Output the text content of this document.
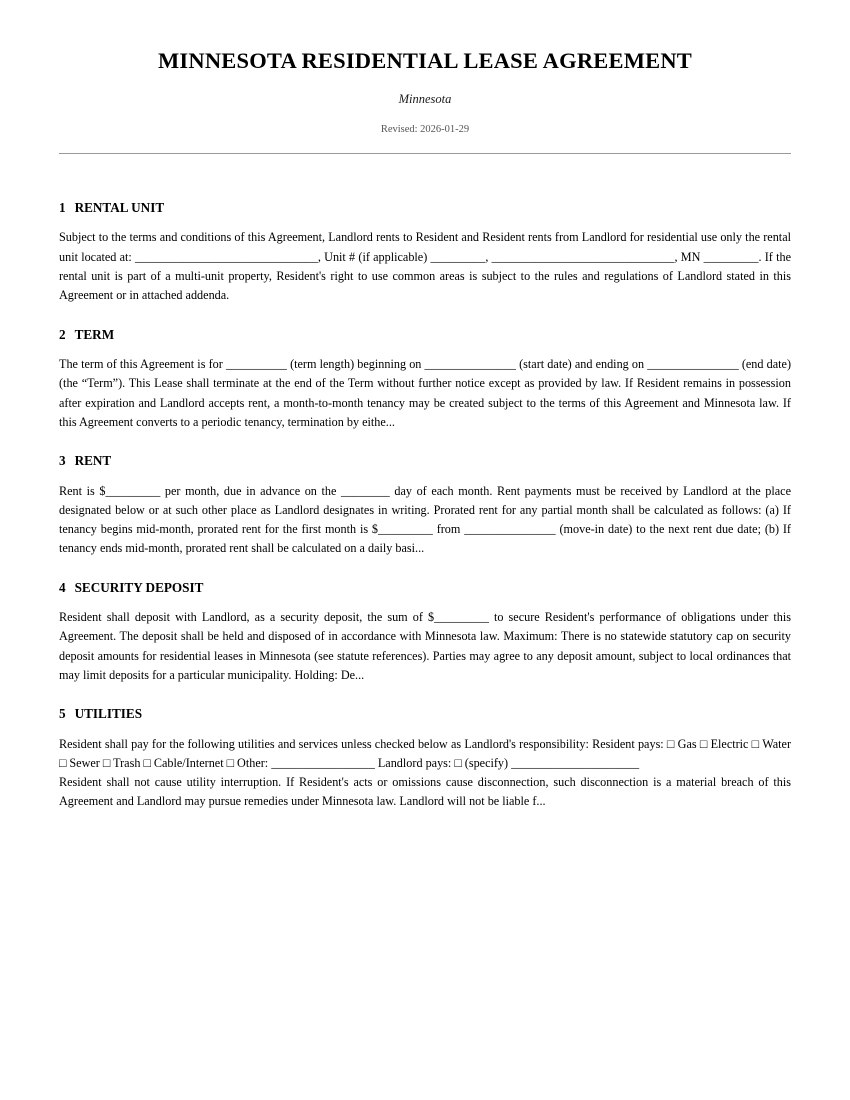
MINNESOTA RESIDENTIAL LEASE AGREEMENT

Minnesota

Revised: 2026-01-29

1 RENTAL UNIT
Subject to the terms and conditions of this Agreement, Landlord rents to Resident and Resident rents from Landlord for residential use only the rental unit located at: ______________________________, Unit # (if applicable) _________, ______________________________, MN _________. If the rental unit is part of a multi-unit property, Resident's right to use common areas is subject to the rules and regulations of Landlord stated in this Agreement or in attached addenda.
2 TERM
The term of this Agreement is for __________ (term length) beginning on _______________ (start date) and ending on _______________ (end date) (the “Term”). This Lease shall terminate at the end of the Term without further notice except as provided by law. If Resident remains in possession after expiration and Landlord accepts rent, a month-to-month tenancy may be created subject to the terms of this Agreement and Minnesota law. If this Agreement converts to a periodic tenancy, termination by eithe...
3 RENT
Rent is $_________ per month, due in advance on the ________ day of each month. Rent payments must be received by Landlord at the place designated below or at such other place as Landlord designates in writing. Prorated rent for any partial month shall be calculated as follows: (a) If tenancy begins mid-month, prorated rent for the first month is $_________ from _______________ (move-in date) to the next rent due date; (b) If tenancy ends mid-month, prorated rent shall be calculated on a daily basi...
4 SECURITY DEPOSIT
Resident shall deposit with Landlord, as a security deposit, the sum of $_________ to secure Resident's performance of obligations under this Agreement. The deposit shall be held and disposed of in accordance with Minnesota law. Maximum: There is no statewide statutory cap on security deposit amounts for residential leases in Minnesota (see statute references). Parties may agree to any deposit amount, subject to local ordinances that may limit deposits for a particular municipality. Holding: De...
5 UTILITIES
Resident shall pay for the following utilities and services unless checked below as Landlord's responsibility: Resident pays: □ Gas □ Electric □ Water □ Sewer □ Trash □ Cable/Internet □ Other: _________________ Landlord pays: □ (specify) _____________________
Resident shall not cause utility interruption. If Resident's acts or omissions cause disconnection, such disconnection is a material breach of this Agreement and Landlord may pursue remedies under Minnesota law. Landlord will not be liable f...
